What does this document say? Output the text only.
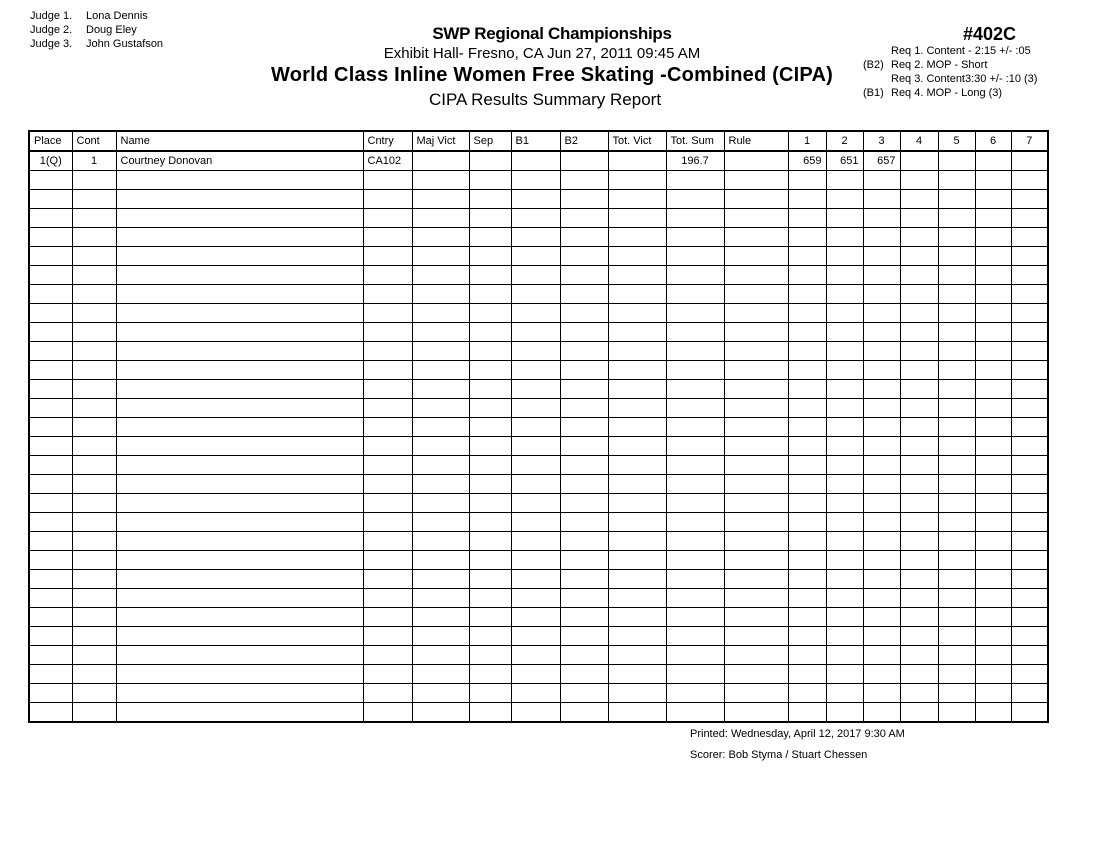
Judge 1. Lona Dennis
Judge 2. Doug Eley
Judge 3. John Gustafson
SWP Regional Championships
Exhibit Hall- Fresno, CA Jun 27, 2011 09:45 AM
World Class Inline Women Free Skating -Combined (CIPA)
CIPA Results Summary Report
#402C
Req 1. Content - 2:15 +/- :05
(B2) Req 2. MOP - Short
Req 3. Content3:30 +/- :10 (3)
(B1) Req 4. MOP - Long (3)
Place	Cont	Name	Cntry	Maj Vict	Sep	B1	B2	Tot. Vict	Tot. Sum	Rule	1	2	3	4	5	6	7
1(Q)	1	Courtney Donovan	CA102						196.7		659	651	657				

Printed: Wednesday, April 12, 2017 9:30 AM
Scorer: Bob Styma / Stuart Chessen
